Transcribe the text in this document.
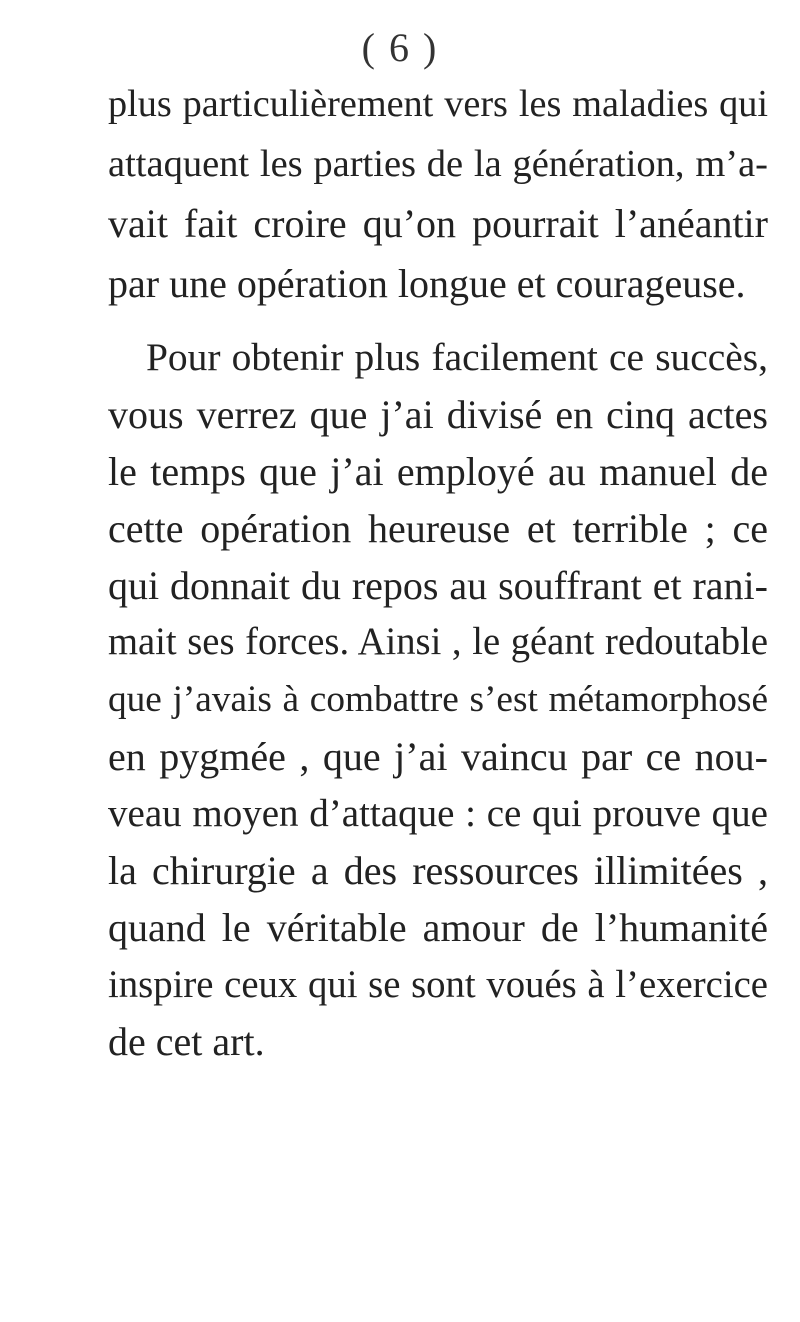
( 6 )
plus particulièrement vers les maladies qui
attaquent les parties de la génération, m’a-
vait fait croire qu’on pourrait l’anéantir
par une opération longue et courageuse.
Pour obtenir plus facilement ce succès,
vous verrez que j’ai divisé en cinq actes
le temps que j’ai employé au manuel de
cette opération heureuse et terrible ; ce
qui donnait du repos au souffrant et rani-
mait ses forces. Ainsi , le géant redoutable
que j’avais à combattre s’est métamorphosé
en pygmée , que j’ai vaincu par ce nou-
veau moyen d’attaque : ce qui prouve que
la chirurgie a des ressources illimitées ,
quand le véritable amour de l’humanité
inspire ceux qui se sont voués à l’exercice
de cet art.
